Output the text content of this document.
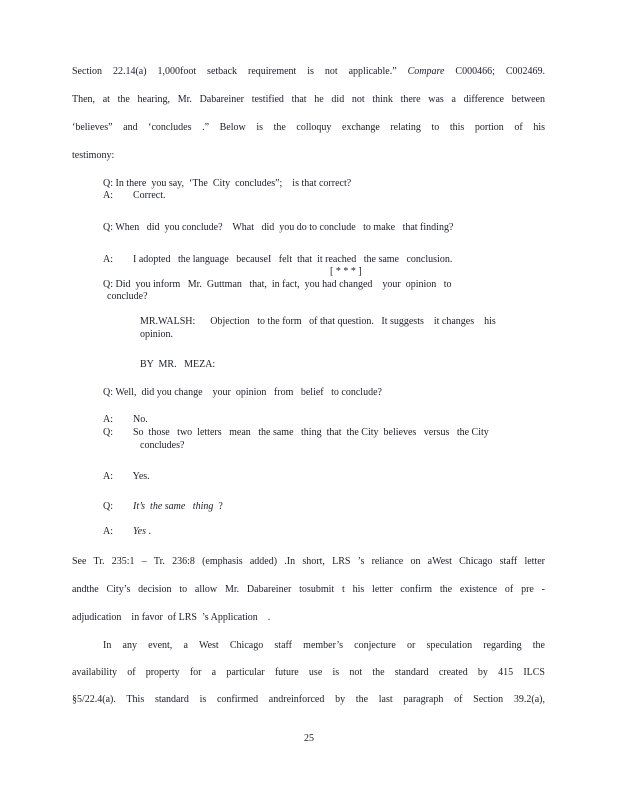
Section 22.14(a) 1,000foot setback requirement is not applicable.” Compare C000466; C002469.
Then, at the hearing, Mr. Dabareiner testified that he did not think there was a difference between
‘believes” and ‘concludes .” Below is the colloquy exchange relating to this portion of his
testimony:
Q: In there  you say,  ‘The  City  concludes”;    is that correct?
A:        Correct.
Q: When   did  you conclude?    What   did  you do to conclude   to make   that finding?
A:        I adopted   the language   becauseI   felt  that  it reached   the same   conclusion.
[ * * * ]
Q: Did  you inform   Mr.  Guttman   that,  in fact,  you had changed    your  opinion   to
conclude?
MR.WALSH:      Objection   to the form   of that question.   It suggests    it changes    his
opinion.
BY  MR.   MEZA:
Q: Well,  did you change    your  opinion   from   belief   to conclude?
A:        No.
Q:        So  those   two  letters   mean   the same   thing  that  the City  believes   versus   the City
concludes?
A:        Yes.
Q:        It’s  the same   thing  ?
A:        Yes .
See Tr. 235:1 – Tr. 236:8 (emphasis added) .In short, LRS ’s reliance on aWest Chicago staff letter
andthe City’s decision to allow Mr. Dabareiner tosubmit t his letter confirm the existence of pre -
adjudication    in favor  of LRS  ’s Application    .
In any event, a West Chicago staff member’s conjecture or speculation regarding the
availability of property for a particular future use is not the standard created by 415 ILCS
§5/22.4(a). This standard is confirmed andreinforced by the last paragraph of Section 39.2(a),
25
